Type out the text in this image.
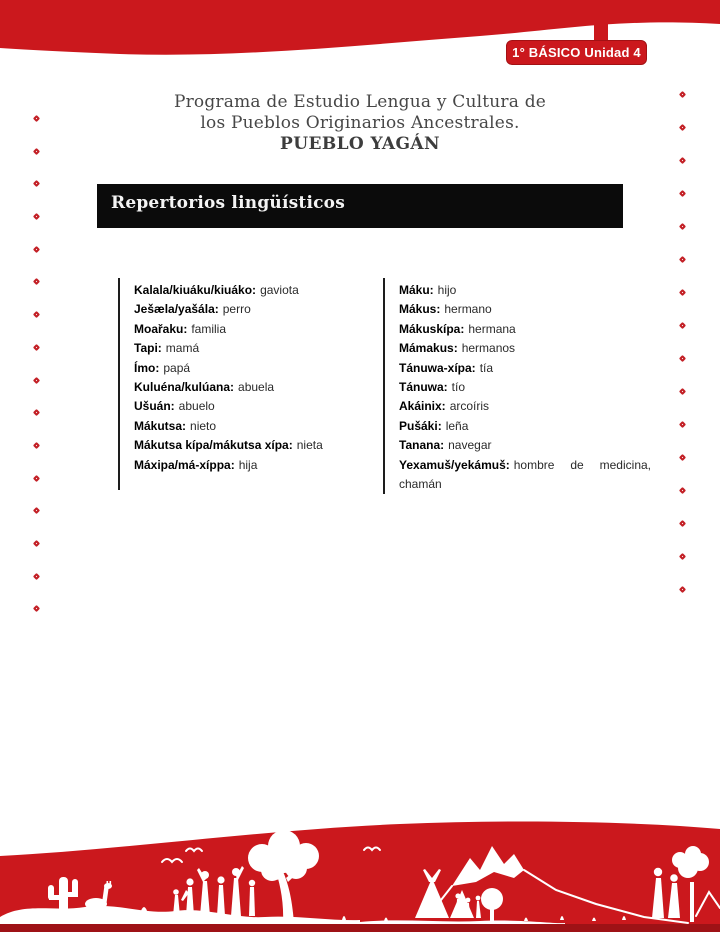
1° BÁSICO Unidad 4
Programa de Estudio Lengua y Cultura de
los Pueblos Originarios Ancestrales.
PUEBLO YAGÁN
Repertorios lingüísticos
Kalala/kiuáku/kiuáko: gaviota
Ješæla/yašála: perro
Moařaku: familia
Tapi: mamá
Ímo: papá
Kuluéna/kulúana: abuela
Ušuán: abuelo
Mákutsa: nieto
Mákutsa kípa/mákutsa xípa: nieta
Máxipa/má-xíppa: hija
Máku: hijo
Mákus: hermano
Mákuskípa: hermana
Mámakus: hermanos
Tánuwa-xípa: tía
Tánuwa: tío
Akáinix: arcoíris
Pušáki: leña
Tanana: navegar
Yexamuš/yekámuš: hombre de medicina, chamán
